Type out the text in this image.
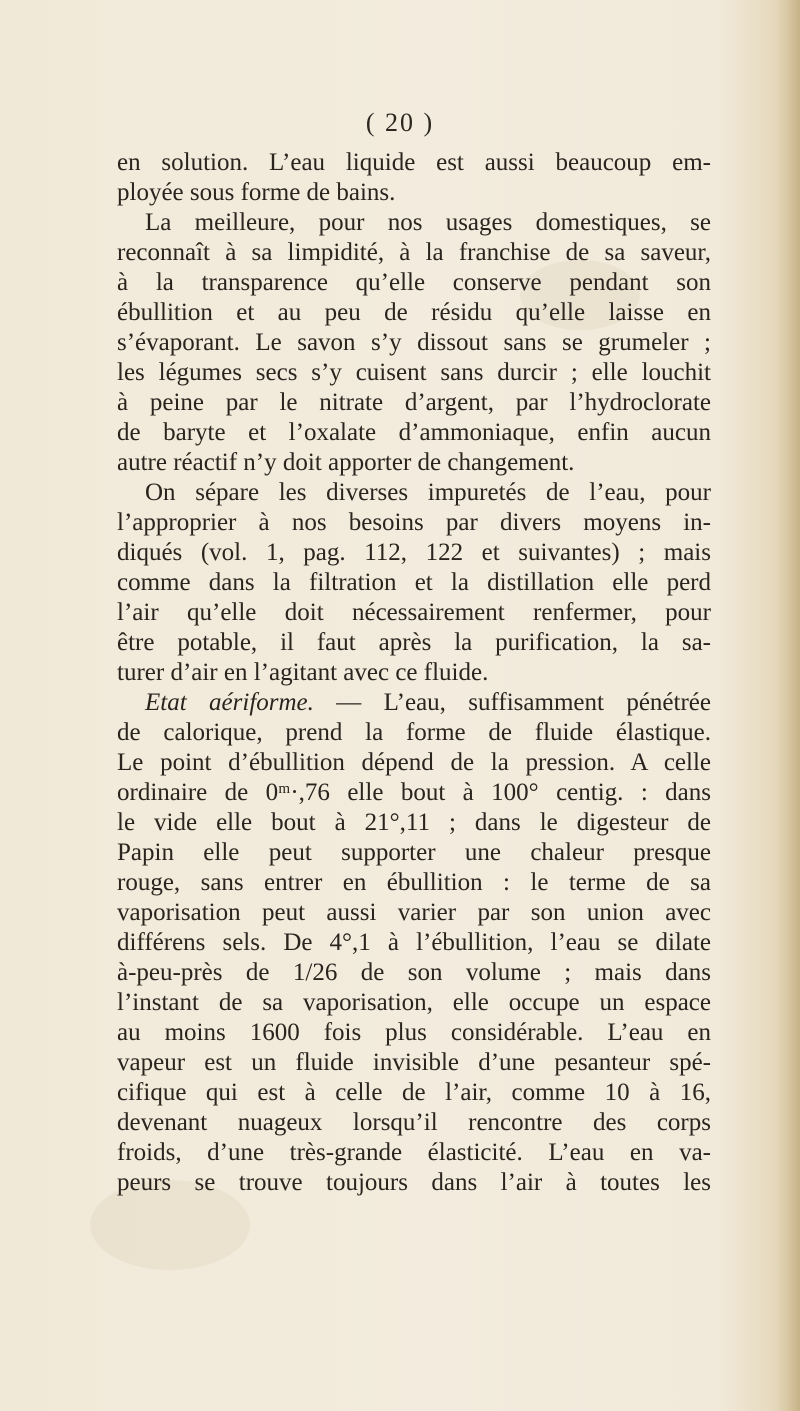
( 20 )
en solution. L’eau liquide est aussi beaucoup em-
ployée sous forme de bains.
La meilleure, pour nos usages domestiques, se
reconnaît à sa limpidité, à la franchise de sa saveur,
à la transparence qu’elle conserve pendant son
ébullition et au peu de résidu qu’elle laisse en
s’évaporant. Le savon s’y dissout sans se grumeler ;
les légumes secs s’y cuisent sans durcir ; elle louchit
à peine par le nitrate d’argent, par l’hydroclorate
de baryte et l’oxalate d’ammoniaque, enfin aucun
autre réactif n’y doit apporter de changement.
On sépare les diverses impuretés de l’eau, pour
l’approprier à nos besoins par divers moyens in-
diqués (vol. 1, pag. 112, 122 et suivantes) ; mais
comme dans la filtration et la distillation elle perd
l’air qu’elle doit nécessairement renfermer, pour
être potable, il faut après la purification, la sa-
turer d’air en l’agitant avec ce fluide.
Etat aériforme. — L’eau, suffisamment pénétrée
de calorique, prend la forme de fluide élastique.
Le point d’ébullition dépend de la pression. A celle
ordinaire de 0ᵐ·,76 elle bout à 100° centig. : dans
le vide elle bout à 21°,11 ; dans le digesteur de
Papin elle peut supporter une chaleur presque
rouge, sans entrer en ébullition : le terme de sa
vaporisation peut aussi varier par son union avec
différens sels. De 4°,1 à l’ébullition, l’eau se dilate
à-peu-près de 1/26 de son volume ; mais dans
l’instant de sa vaporisation, elle occupe un espace
au moins 1600 fois plus considérable. L’eau en
vapeur est un fluide invisible d’une pesanteur spé-
cifique qui est à celle de l’air, comme 10 à 16,
devenant nuageux lorsqu’il rencontre des corps
froids, d’une très-grande élasticité. L’eau en va-
peurs se trouve toujours dans l’air à toutes les
